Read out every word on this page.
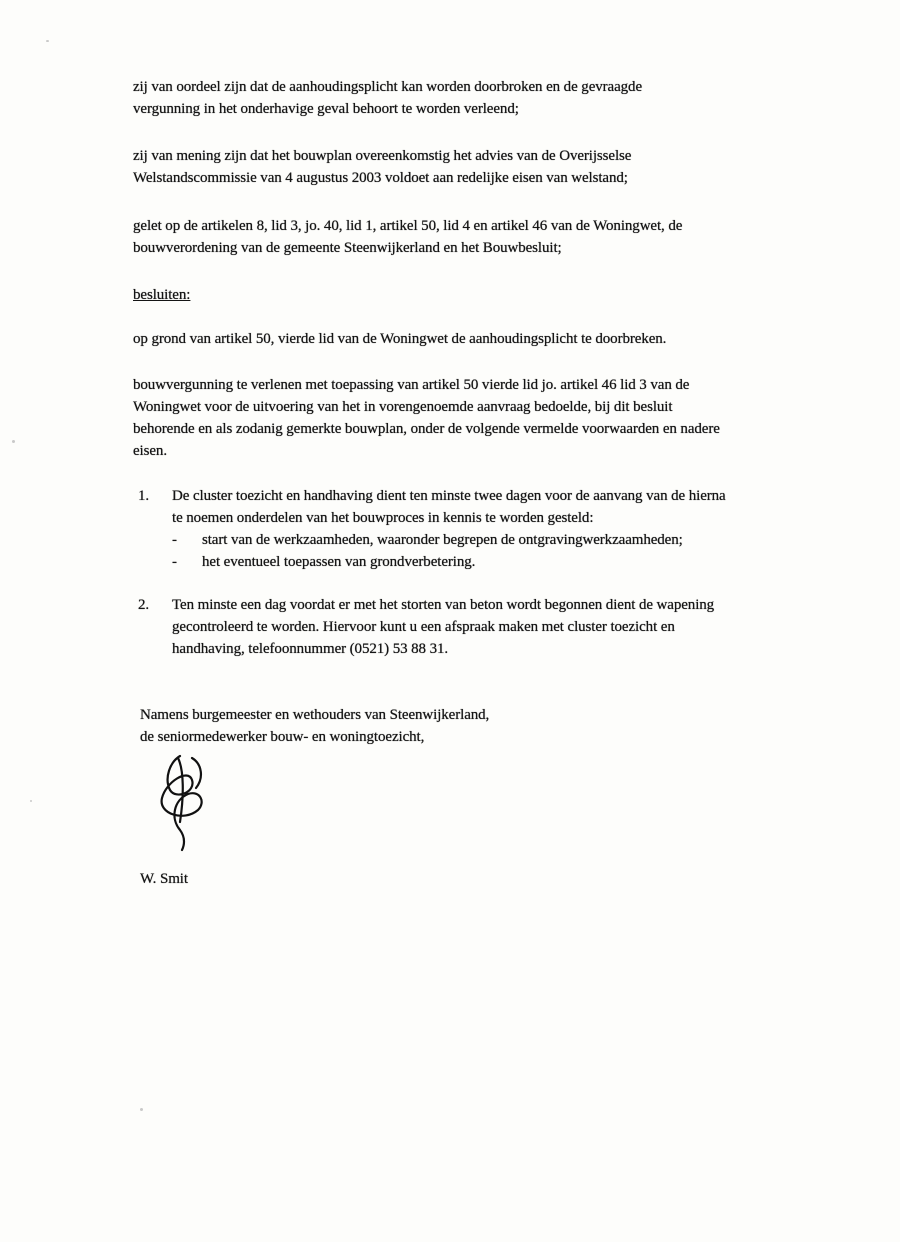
zij van oordeel zijn dat de aanhoudingsplicht kan worden doorbroken en de gevraagde
vergunning in het onderhavige geval behoort te worden verleend;
zij van mening zijn dat het bouwplan overeenkomstig het advies van de Overijsselse
Welstandscommissie van 4 augustus 2003 voldoet aan redelijke eisen van welstand;
gelet op de artikelen 8, lid 3, jo. 40, lid 1, artikel 50, lid 4 en artikel 46 van de Woningwet, de
bouwverordening van de gemeente Steenwijkerland en het Bouwbesluit;
besluiten:
op grond van artikel 50, vierde lid van de Woningwet de aanhoudingsplicht te doorbreken.
bouwvergunning te verlenen met toepassing van artikel 50 vierde lid jo. artikel 46 lid 3 van de
Woningwet voor de uitvoering van het in vorengenoemde aanvraag bedoelde, bij dit besluit
behorende en als zodanig gemerkte bouwplan, onder de volgende vermelde voorwaarden en nadere
eisen.
1.	De cluster toezicht en handhaving dient ten minste twee dagen voor de aanvang van de hierna
te noemen onderdelen van het bouwproces in kennis te worden gesteld:
- start van de werkzaamheden, waaronder begrepen de ontgravingwerkzaamheden;
- het eventueel toepassen van grondverbetering.
2.	Ten minste een dag voordat er met het storten van beton wordt begonnen dient de wapening
gecontroleerd te worden. Hiervoor kunt u een afspraak maken met cluster toezicht en
handhaving, telefoonnummer (0521) 53 88 31.
Namens burgemeester en wethouders van Steenwijkerland,
de seniormedewerker bouw- en woningtoezicht,
W. Smit
